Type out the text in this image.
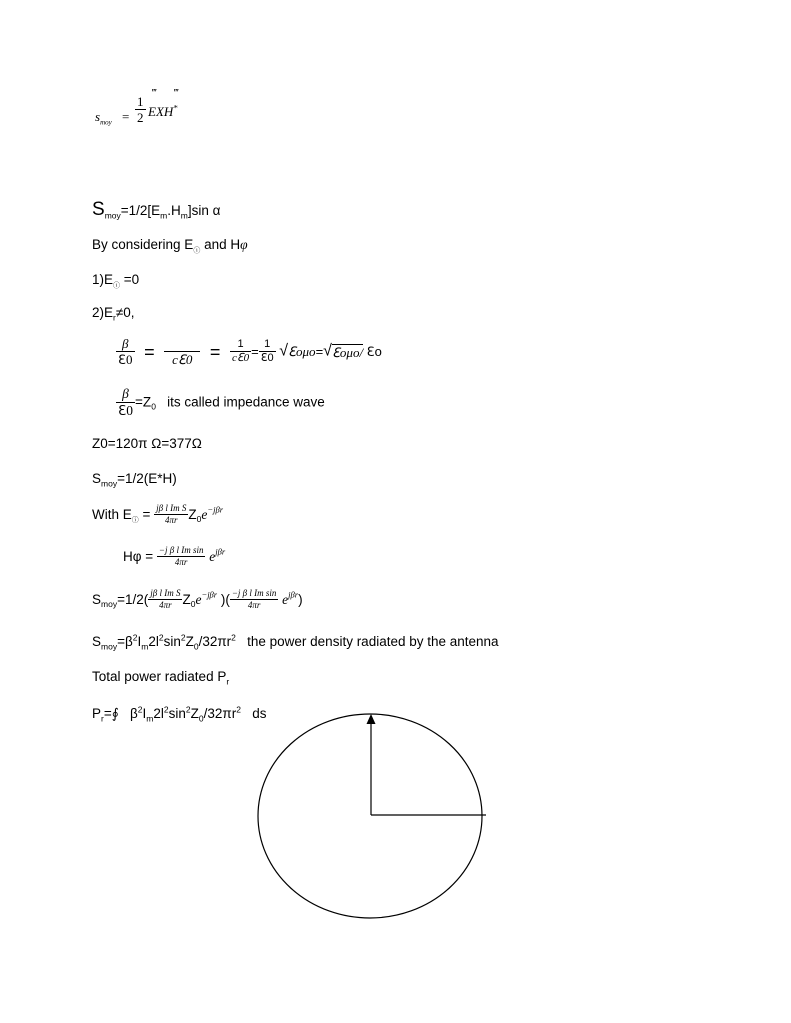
$s_{moy} = \frac{1}{2}$
‴ ‴
EXH*
$S_{moy}=1/2[E_m.H_m]\sin$ α
By considering $E_ⓘ$ and Hφ
$1)E_ⓘ =0$
$2)E_r\ne 0$,
$\frac{\beta}{\text{ℇ0}}$ =	cℇ0 = $\frac{1}{\text{cℇ0}} = \frac{1}{\text{ℇ0}}$ √ℇομο=√ℇομο/ ℇo
$\frac{\beta}{\text{ℇ0}} =Z_0$   its called impedance wave
Z0=120π Ω=377Ω
$S_{moy}=1/2(E*H)$
With $E_ⓘ = \frac{\text{jβ l Im S}}{4\pi r} Z_0e^{-j\beta r}$
$H\varphi = \frac{\text{−j β l Im sin}}{4\pi r} e^{j\beta r}$
$S_{moy}=1/2( \frac{\text{jβ l Im S}}{4\pi r} Z_0e^{-j\beta r}$ )( $\frac{\text{−j β l Im sin}}{4\pi r} e^{j\beta r}$)
$S_{moy}=\beta^2I_m2l^2\sin^2Z_0/32\pi r^2$   the power density radiated by the antenna
Total power radiated $P_r$
$P_r=∮$   $\beta^2I_m2l^2\sin^2Z_0/32\pi r^2$   ds
